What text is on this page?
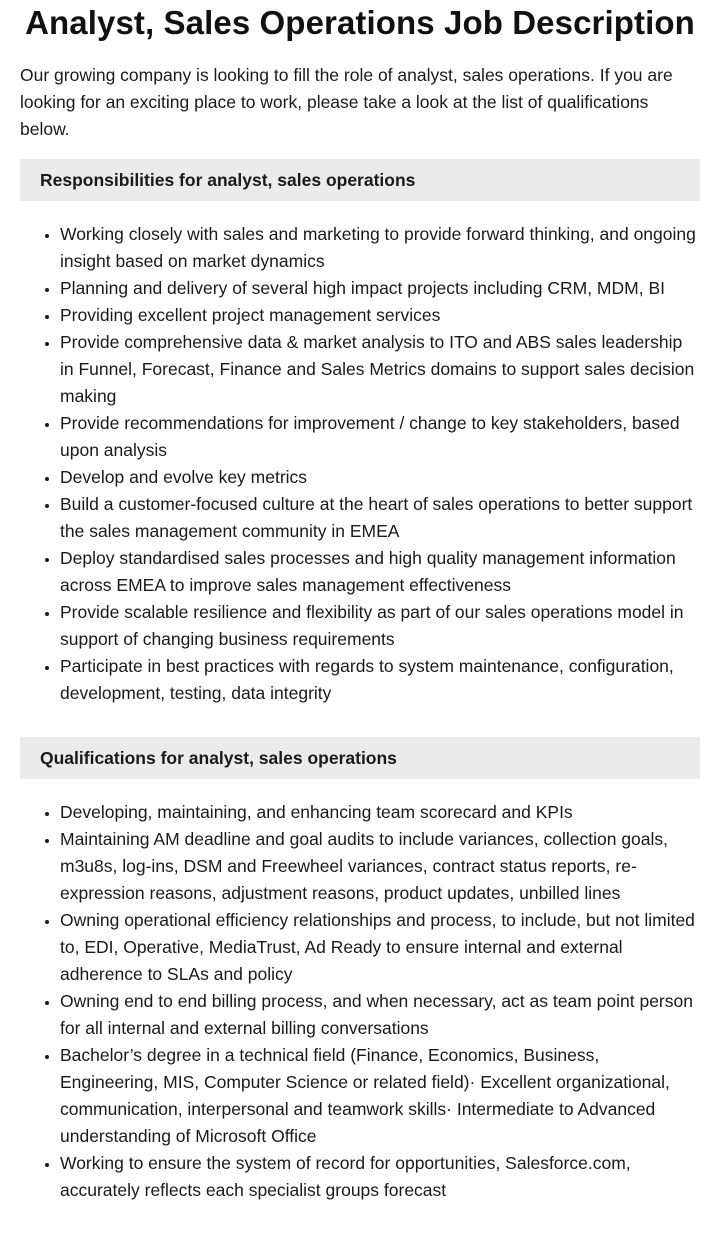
Analyst, Sales Operations Job Description

Our growing company is looking to fill the role of analyst, sales operations. If you are looking for an exciting place to work, please take a look at the list of qualifications below.

Responsibilities for analyst, sales operations
• Working closely with sales and marketing to provide forward thinking, and ongoing insight based on market dynamics
• Planning and delivery of several high impact projects including CRM, MDM, BI
• Providing excellent project management services
• Provide comprehensive data & market analysis to ITO and ABS sales leadership in Funnel, Forecast, Finance and Sales Metrics domains to support sales decision making
• Provide recommendations for improvement / change to key stakeholders, based upon analysis
• Develop and evolve key metrics
• Build a customer-focused culture at the heart of sales operations to better support the sales management community in EMEA
• Deploy standardised sales processes and high quality management information across EMEA to improve sales management effectiveness
• Provide scalable resilience and flexibility as part of our sales operations model in support of changing business requirements
• Participate in best practices with regards to system maintenance, configuration, development, testing, data integrity
Qualifications for analyst, sales operations
• Developing, maintaining, and enhancing team scorecard and KPIs
• Maintaining AM deadline and goal audits to include variances, collection goals, m3u8s, log-ins, DSM and Freewheel variances, contract status reports, re-expression reasons, adjustment reasons, product updates, unbilled lines
• Owning operational efficiency relationships and process, to include, but not limited to, EDI, Operative, MediaTrust, Ad Ready to ensure internal and external adherence to SLAs and policy
• Owning end to end billing process, and when necessary, act as team point person for all internal and external billing conversations
• Bachelor’s degree in a technical field (Finance, Economics, Business, Engineering, MIS, Computer Science or related field)· Excellent organizational, communication, interpersonal and teamwork skills· Intermediate to Advanced understanding of Microsoft Office
• Working to ensure the system of record for opportunities, Salesforce.com, accurately reflects each specialist groups forecast
